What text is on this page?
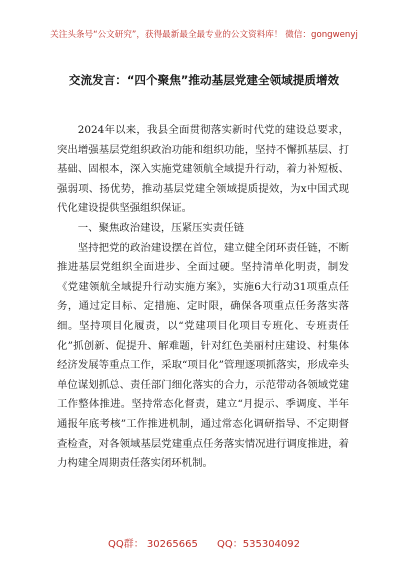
关注头条号“公文研究”，获得最新最全最专业的公文资料库！ 微信：gongwenyj
交流发言：“四个聚焦”推动基层党建全领域提质增效

2024年以来，我县全面贯彻落实新时代党的建设总要求，突出增强基层党组织政治功能和组织功能，坚持不懈抓基层、打基础、固根本，深入实施党建领航全域提升行动，着力补短板、强弱项、扬优势，推动基层党建全领域提质提效，为x中国式现代化建设提供坚强组织保证。

一、聚焦政治建设，压紧压实责任链

坚持把党的政治建设摆在首位，建立健全闭环责任链，不断推进基层党组织全面进步、全面过硬。坚持清单化明责，制发《党建领航全域提升行动实施方案》，实施6大行动31项重点任务，通过定目标、定措施、定时限，确保各项重点任务落实落细。坚持项目化履责，以“党建项目化项目专班化、专班责任化”抓创新、促提升、解难题，针对红色美丽村庄建设、村集体经济发展等重点工作，采取“项目化”管理逐项抓落实，形成牵头单位谋划抓总、责任部门细化落实的合力，示范带动各领域党建工作整体推进。坚持常态化督责，建立“月提示、季调度、半年通报年底考核”工作推进机制，通过常态化调研指导、不定期督查检查，对各领域基层党建重点任务落实情况进行调度推进，着力构建全周期责任落实闭环机制。

QQ群： 30265665 QQ：535304092
